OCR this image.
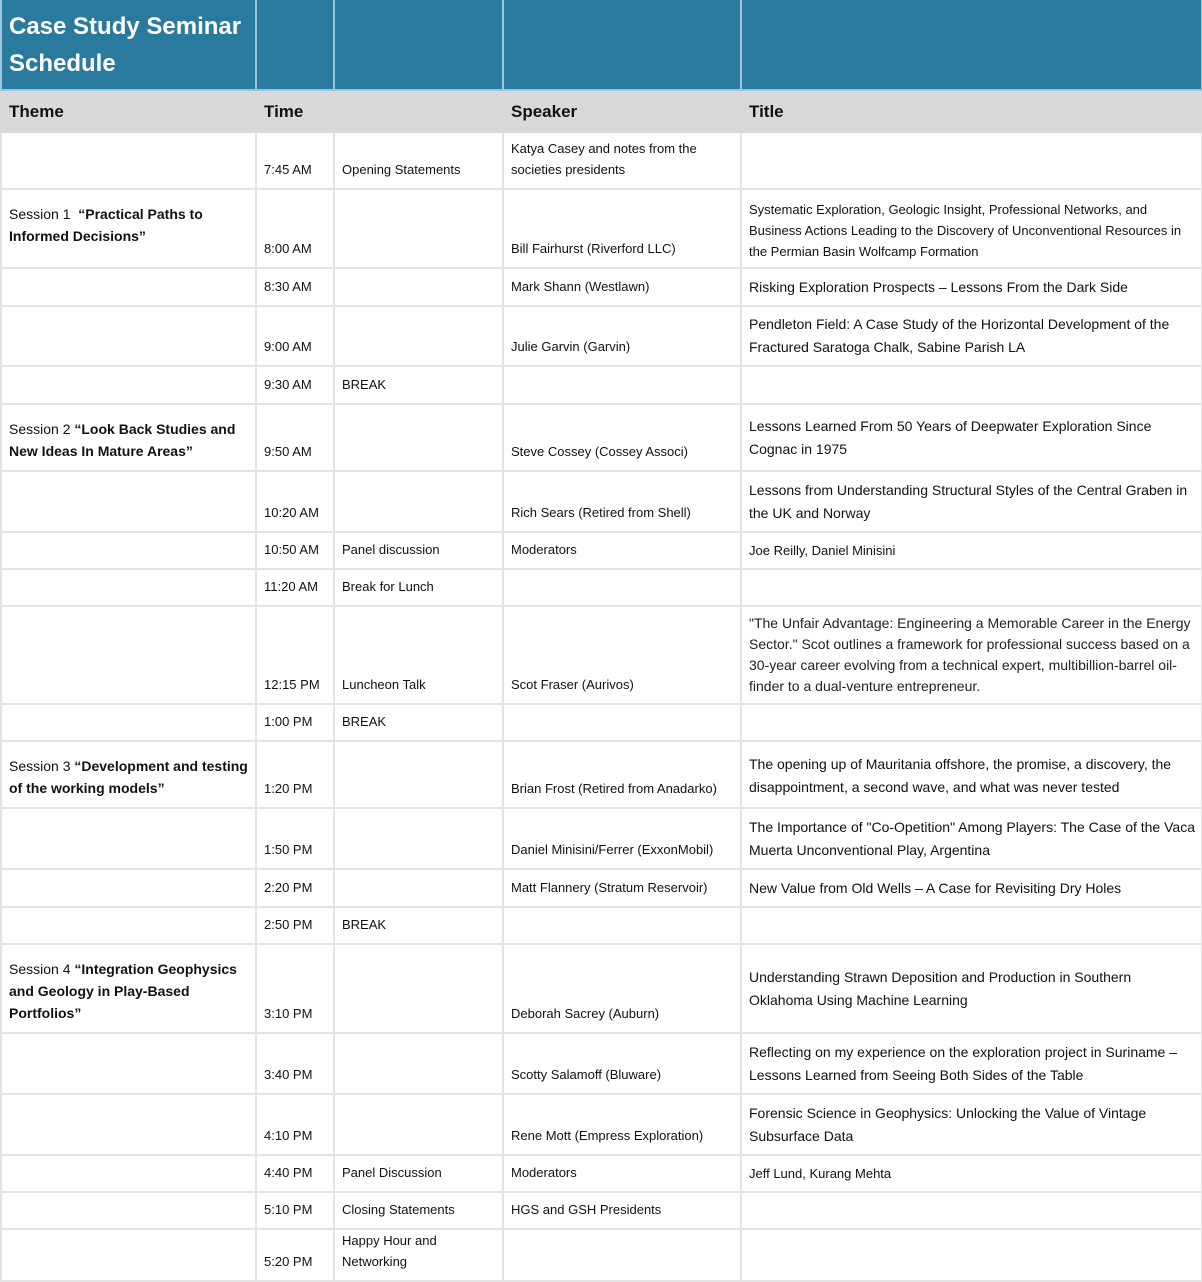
Case Study Seminar Schedule				
Theme	Time		Speaker	Title
	7:45 AM	Opening Statements	Katya Casey and notes from the societies presidents	
Session 1  “Practical Paths to Informed Decisions”	8:00 AM		Bill Fairhurst (Riverford LLC)	Systematic Exploration, Geologic Insight, Professional Networks, and Business Actions Leading to the Discovery of Unconventional Resources in the Permian Basin Wolfcamp Formation
	8:30 AM		Mark Shann (Westlawn)	Risking Exploration Prospects – Lessons From the Dark Side
	9:00 AM		Julie Garvin (Garvin)	Pendleton Field: A Case Study of the Horizontal Development of the Fractured Saratoga Chalk, Sabine Parish LA
	9:30 AM	BREAK		
Session 2 “Look Back Studies and New Ideas In Mature Areas”	9:50 AM		Steve Cossey (Cossey Associ)	Lessons Learned From 50 Years of Deepwater Exploration Since Cognac in 1975
	10:20 AM		Rich Sears (Retired from Shell)	Lessons from Understanding Structural Styles of the Central Graben in the UK and Norway
	10:50 AM	Panel discussion	Moderators	Joe Reilly, Daniel Minisini
	11:20 AM	Break for Lunch		
	12:15 PM	Luncheon Talk	Scot Fraser (Aurivos)	"The Unfair Advantage: Engineering a Memorable Career in the Energy Sector." Scot outlines a framework for professional success based on a 30-year career evolving from a technical expert, multibillion-barrel oil-finder to a dual-venture entrepreneur.
	1:00 PM	BREAK		
Session 3 “Development and testing of the working models”	1:20 PM		Brian Frost (Retired from Anadarko)	The opening up of Mauritania offshore, the promise, a discovery, the disappointment, a second wave, and what was never tested
	1:50 PM		Daniel Minisini/Ferrer (ExxonMobil)	The Importance of "Co-Opetition" Among Players: The Case of the Vaca Muerta Unconventional Play, Argentina
	2:20 PM		Matt Flannery (Stratum Reservoir)	New Value from Old Wells – A Case for Revisiting Dry Holes
	2:50 PM	BREAK		
Session 4 “Integration Geophysics and Geology in Play-Based Portfolios”	3:10 PM		Deborah Sacrey (Auburn)	Understanding Strawn Deposition and Production in Southern Oklahoma Using Machine Learning
	3:40 PM		Scotty Salamoff (Bluware)	Reflecting on my experience on the exploration project in Suriname – Lessons Learned from Seeing Both Sides of the Table
	4:10 PM		Rene Mott (Empress Exploration)	Forensic Science in Geophysics: Unlocking the Value of Vintage Subsurface Data
	4:40 PM	Panel Discussion	Moderators	Jeff Lund, Kurang Mehta
	5:10 PM	Closing Statements	HGS and GSH Presidents	
	5:20 PM	Happy Hour and Networking		
